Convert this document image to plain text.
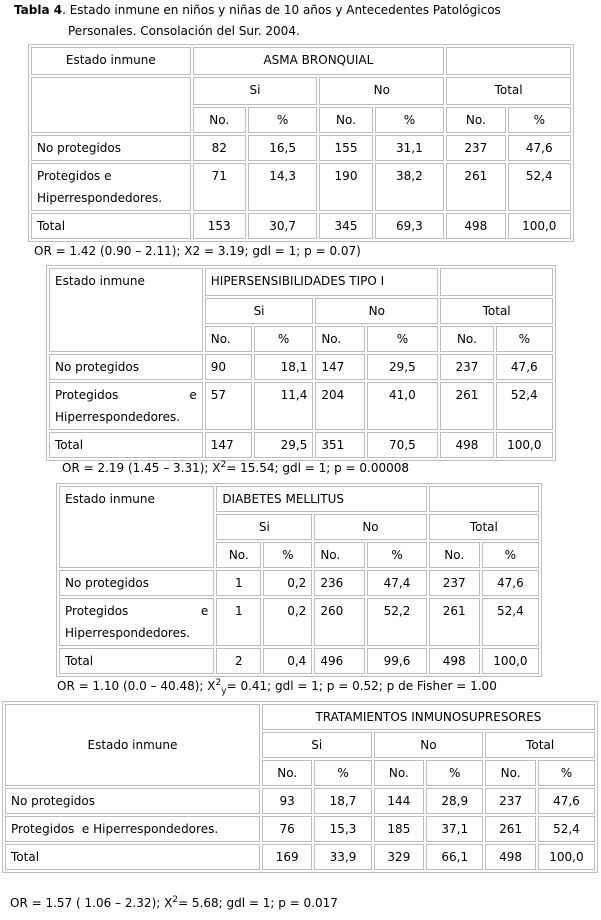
Tabla 4. Estado inmune en niños y niñas de 10 años y Antecedentes Patológicos
Personales. Consolación del Sur. 2004.
Estado inmune	ASMA BRONQUIAL					
	Si		No		Total	
	No.	%	No.	%	No.	%
No protegidos	82	16,5	155	31,1	237	47,6

Protegidos e
Hiperrespondedores.	71	14,3	190	38,2	261	52,4
Total	153	30,7	345	69,3	498	100,0
OR = 1.42 (0.90 – 2.11); X2 = 3.19; gdl = 1; p = 0.07)
Estado inmune	HIPERSENSIBILIDADES TIPO I					
	Si		No		Total	
	No.	%	No.	%	No.	%
No protegidos	90	18,1	147	29,5	237	47,6

Protegidos e
Hiperrespondedores.	57	11,4	204	41,0	261	52,4
Total	147	29,5	351	70,5	498	100,0
OR = 2.19 (1.45 – 3.31); $X^2= 15.54$; gdl = 1; p = 0.00008
Estado inmune	DIABETES MELLITUS					
	Si		No		Total	
	No.	%	No.	%	No.	%
No protegidos	1	0,2	236	47,4	237	47,6

Protegidos e
Hiperrespondedores.	1	0,2	260	52,2	261	52,4
Total	2	0,4	496	99,6	498	100,0
OR = 1.10 (0.0 – 40.48); $X^2_y= 0.41$; gdl = 1; p = 0.52; p de Fisher = 1.00
Estado inmune	TRATAMIENTOS INMUNOSUPRESORES					
	Si		No		Total	
	No.	%	No.	%	No.	%
No protegidos	93	18,7	144	28,9	237	47,6
Protegidos  e Hiperrespondedores.	76	15,3	185	37,1	261	52,4
Total	169	33,9	329	66,1	498	100,0
OR = 1.57 ( 1.06 – 2.32); $X^2= 5.68$; gdl = 1; p = 0.017
